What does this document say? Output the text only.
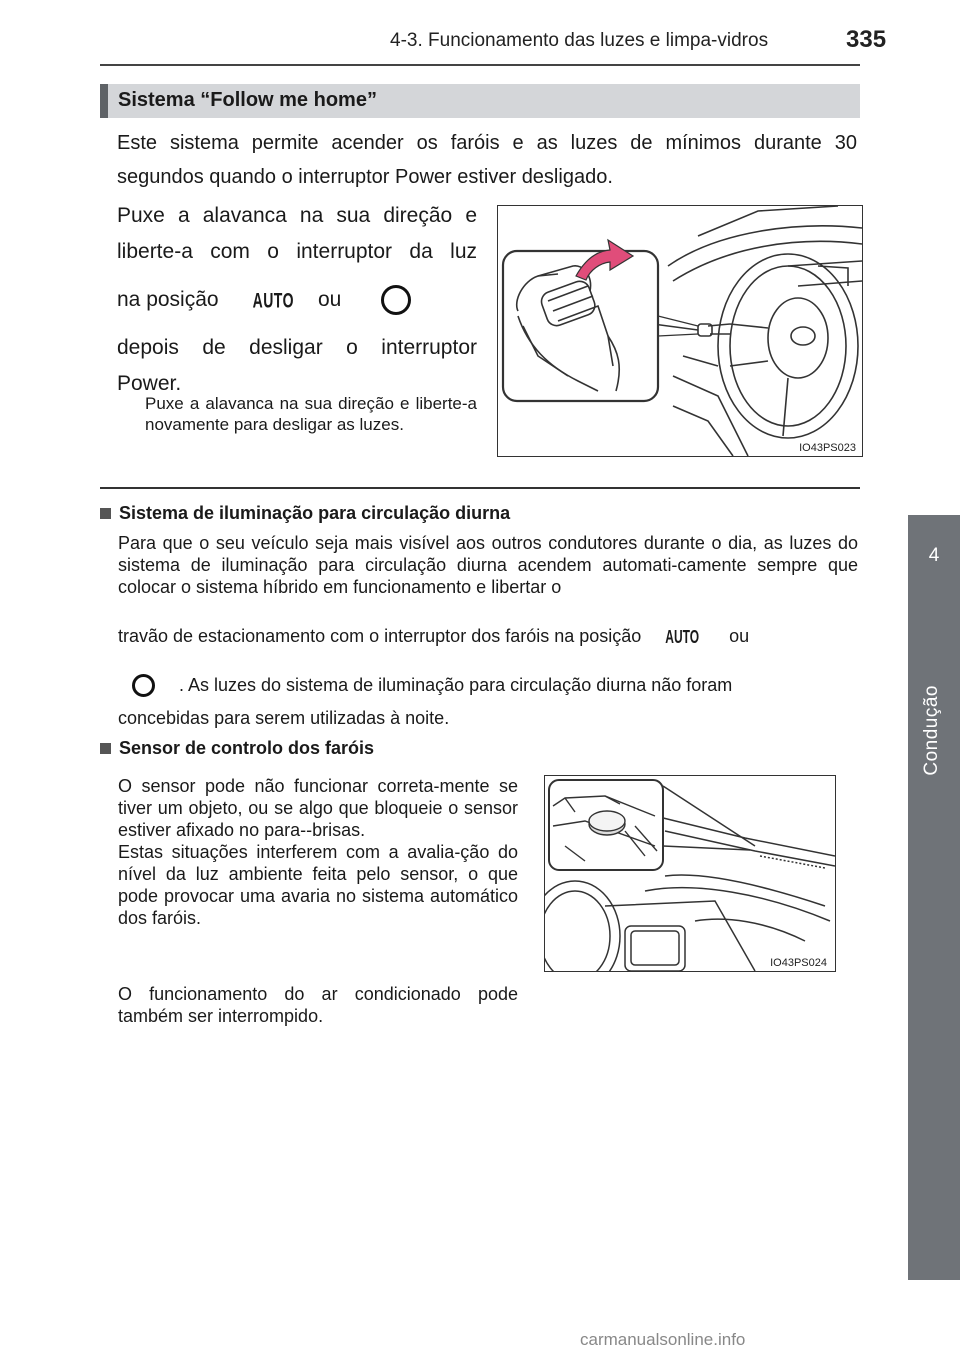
4-3. Funcionamento das luzes e limpa-vidros	335
4
Condução
Sistema “Follow me home”
Este sistema permite acender os faróis e as luzes de mínimos durante 30 segundos quando o interruptor Power estiver desligado.
Puxe a alavanca na sua direção e
liberte-a com o interruptor da luz
na posição AUTO ou
depois de desligar o interruptor
Power.
Puxe a alavanca na sua direção e liberte-a novamente para desligar as luzes.
IO43PS023
Sistema de iluminação para circulação diurna
Para que o seu veículo seja mais visível aos outros condutores durante o dia, as luzes do sistema de iluminação para circulação diurna acendem automati-camente sempre que colocar o sistema híbrido em funcionamento e libertar o
travão de estacionamento com o interruptor dos faróis na posição AUTO ou
. As luzes do sistema de iluminação para circulação diurna não foram
concebidas para serem utilizadas à noite.
Sensor de controlo dos faróis
O sensor pode não funcionar correta-mente se tiver um objeto, ou se algo que bloqueie o sensor estiver afixado no para--brisas.
Estas situações interferem com a avalia-ção do nível da luz ambiente feita pelo sensor, o que pode provocar uma avaria no sistema automático dos faróis.
O funcionamento do ar condicionado pode também ser interrompido.
IO43PS024
carmanualsonline.info
